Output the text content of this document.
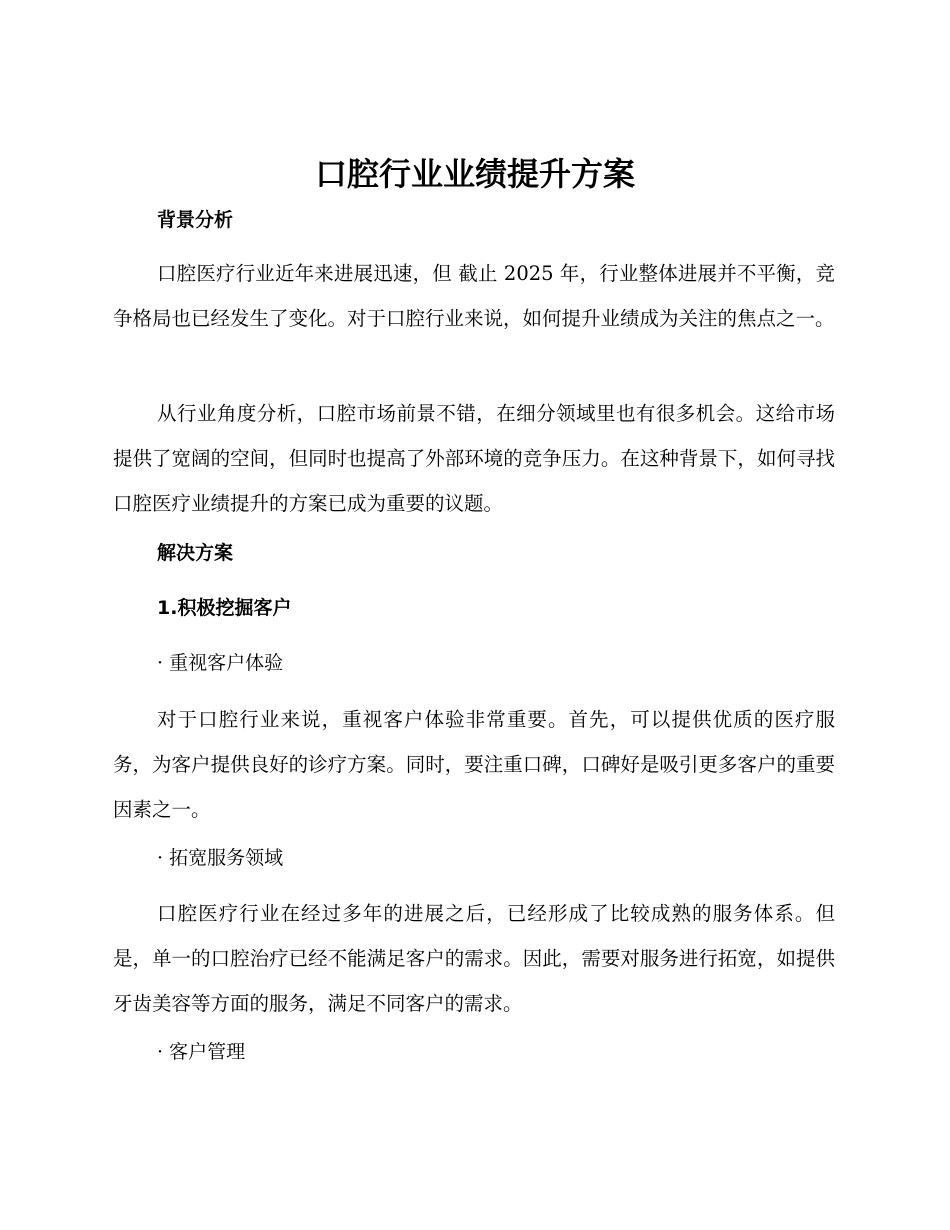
口腔行业业绩提升方案
背景分析

口腔医疗行业近年来进展迅速，但 截止 2025 年，行业整体进展并不平衡，竞争格局也已经发生了变化。对于口腔行业来说，如何提升业绩成为关注的焦点之一。

从行业角度分析，口腔市场前景不错，在细分领域里也有很多机会。这给市场提供了宽阔的空间，但同时也提高了外部环境的竞争压力。在这种背景下，如何寻找口腔医疗业绩提升的方案已成为重要的议题。

解决方案
1.积极挖掘客户

· 重视客户体验

对于口腔行业来说，重视客户体验非常重要。首先，可以提供优质的医疗服务，为客户提供良好的诊疗方案。同时，要注重口碑，口碑好是吸引更多客户的重要因素之一。

· 拓宽服务领域

口腔医疗行业在经过多年的进展之后，已经形成了比较成熟的服务体系。但是，单一的口腔治疗已经不能满足客户的需求。因此，需要对服务进行拓宽，如提供牙齿美容等方面的服务，满足不同客户的需求。

· 客户管理
